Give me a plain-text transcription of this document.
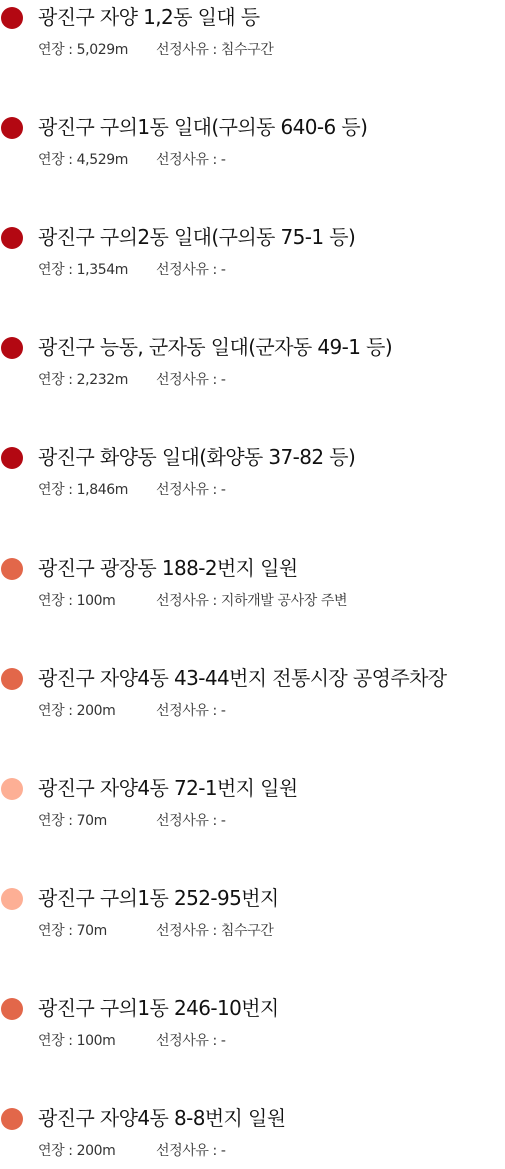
광진구 자양 1,2동 일대 등
연장 : 5,029m 선정사유 : 침수구간
광진구 구의1동 일대(구의동 640-6 등)
연장 : 4,529m 선정사유 : -
광진구 구의2동 일대(구의동 75-1 등)
연장 : 1,354m 선정사유 : -
광진구 능동, 군자동 일대(군자동 49-1 등)
연장 : 2,232m 선정사유 : -
광진구 화양동 일대(화양동 37-82 등)
연장 : 1,846m 선정사유 : -
광진구 광장동 188-2번지 일원
연장 : 100m	선정사유 : 지하개발 공사장 주변
광진구 자양4동 43-44번지 전통시장 공영주차장
연장 : 200m	선정사유 : -
광진구 자양4동 72-1번지 일원
연장 : 70m	선정사유 : -
광진구 구의1동 252-95번지
연장 : 70m	선정사유 : 침수구간
광진구 구의1동 246-10번지
연장 : 100m	선정사유 : -
광진구 자양4동 8-8번지 일원
연장 : 200m	선정사유 : -
